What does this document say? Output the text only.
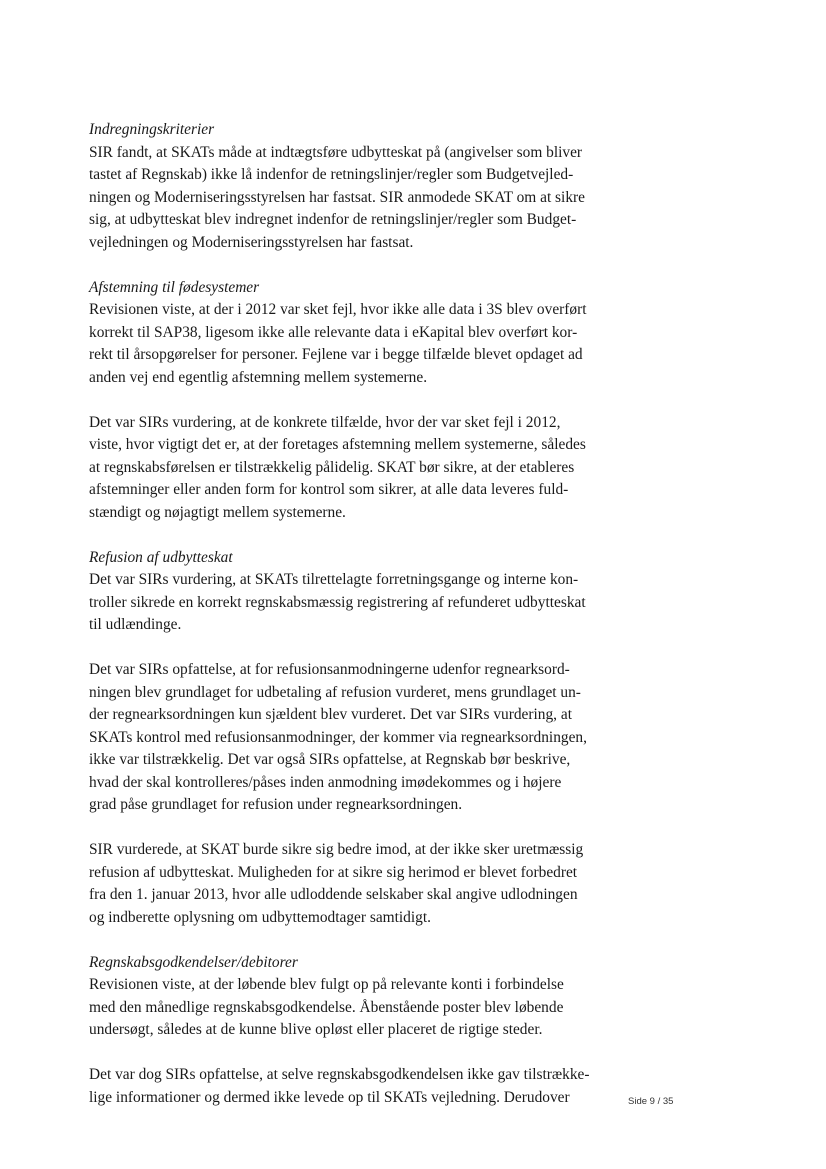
Indregningskriterier

SIR fandt, at SKATs måde at indtægtsføre udbytteskat på (angivelser som bliver

tastet af Regnskab) ikke lå indenfor de retningslinjer/regler som Budgetvejled-

ningen og Moderniseringsstyrelsen har fastsat. SIR anmodede SKAT om at sikre

sig, at udbytteskat blev indregnet indenfor de retningslinjer/regler som Budget-

vejledningen og Moderniseringsstyrelsen har fastsat.

Afstemning til fødesystemer

Revisionen viste, at der i 2012 var sket fejl, hvor ikke alle data i 3S blev overført

korrekt til SAP38, ligesom ikke alle relevante data i eKapital blev overført kor-

rekt til årsopgørelser for personer. Fejlene var i begge tilfælde blevet opdaget ad

anden vej end egentlig afstemning mellem systemerne.

Det var SIRs vurdering, at de konkrete tilfælde, hvor der var sket fejl i 2012,

viste, hvor vigtigt det er, at der foretages afstemning mellem systemerne, således

at regnskabsførelsen er tilstrækkelig pålidelig. SKAT bør sikre, at der etableres

afstemninger eller anden form for kontrol som sikrer, at alle data leveres fuld-

stændigt og nøjagtigt mellem systemerne.

Refusion af udbytteskat

Det var SIRs vurdering, at SKATs tilrettelagte forretningsgange og interne kon-

troller sikrede en korrekt regnskabsmæssig registrering af refunderet udbytteskat

til udlændinge.

Det var SIRs opfattelse, at for refusionsanmodningerne udenfor regnearksord-

ningen blev grundlaget for udbetaling af refusion vurderet, mens grundlaget un-

der regnearksordningen kun sjældent blev vurderet. Det var SIRs vurdering, at

SKATs kontrol med refusionsanmodninger, der kommer via regnearksordningen,

ikke var tilstrækkelig. Det var også SIRs opfattelse, at Regnskab bør beskrive,

hvad der skal kontrolleres/påses inden anmodning imødekommes og i højere

grad påse grundlaget for refusion under regnearksordningen.

SIR vurderede, at SKAT burde sikre sig bedre imod, at der ikke sker uretmæssig

refusion af udbytteskat. Muligheden for at sikre sig herimod er blevet forbedret

fra den 1. januar 2013, hvor alle udloddende selskaber skal angive udlodningen

og indberette oplysning om udbyttemodtager samtidigt.

Regnskabsgodkendelser/debitorer

Revisionen viste, at der løbende blev fulgt op på relevante konti i forbindelse

med den månedlige regnskabsgodkendelse. Åbenstående poster blev løbende

undersøgt, således at de kunne blive opløst eller placeret de rigtige steder.

Det var dog SIRs opfattelse, at selve regnskabsgodkendelsen ikke gav tilstrække-

lige informationer og dermed ikke levede op til SKATs vejledning. Derudover	Side 9 / 35
